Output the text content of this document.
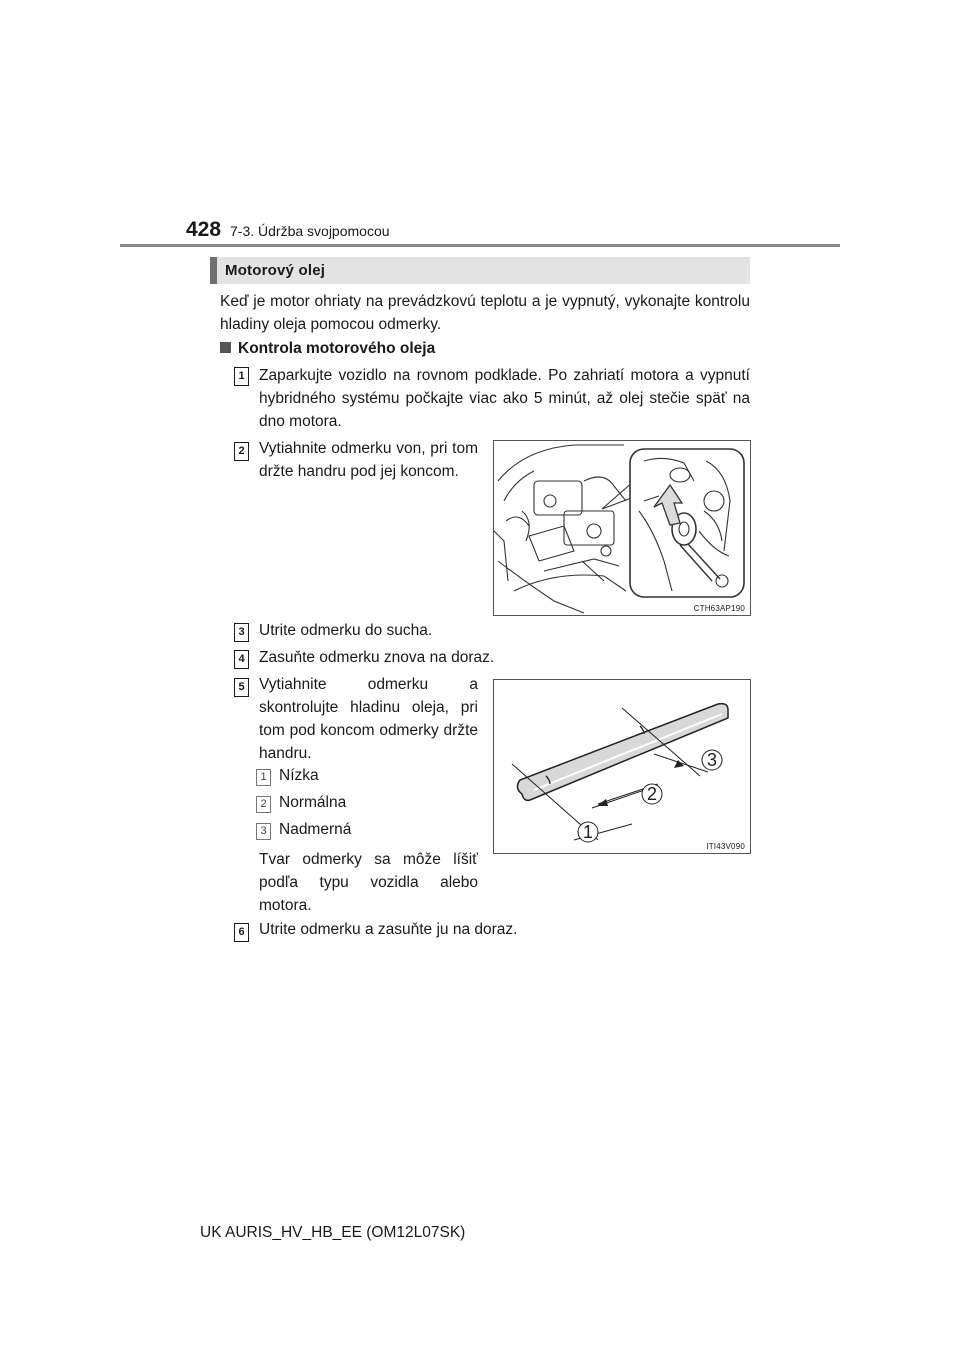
428 7-3. Údržba svojpomocou
Motorový olej
Keď je motor ohriaty na prevádzkovú teplotu a je vypnutý, vykonajte kontrolu hladiny oleja pomocou odmerky.
Kontrola motorového oleja
1 Zaparkujte vozidlo na rovnom podklade. Po zahriatí motora a vypnutí hybridného systému počkajte viac ako 5 minút, až olej stečie späť na dno motora.
2 Vytiahnite odmerku von, pri tom držte handru pod jej koncom.
CTH63AP190
3 Utrite odmerku do sucha.
4 Zasuňte odmerku znova na doraz.
5 Vytiahnite odmerku a skontrolujte hladinu oleja, pri tom pod koncom odmerky držte handru.
1 Nízka
2 Normálna
3 Nadmerná
Tvar odmerky sa môže líšiť podľa typu vozidla alebo motora.
1
2
3
ITI43V090
6 Utrite odmerku a zasuňte ju na doraz.
UK AURIS_HV_HB_EE (OM12L07SK)
